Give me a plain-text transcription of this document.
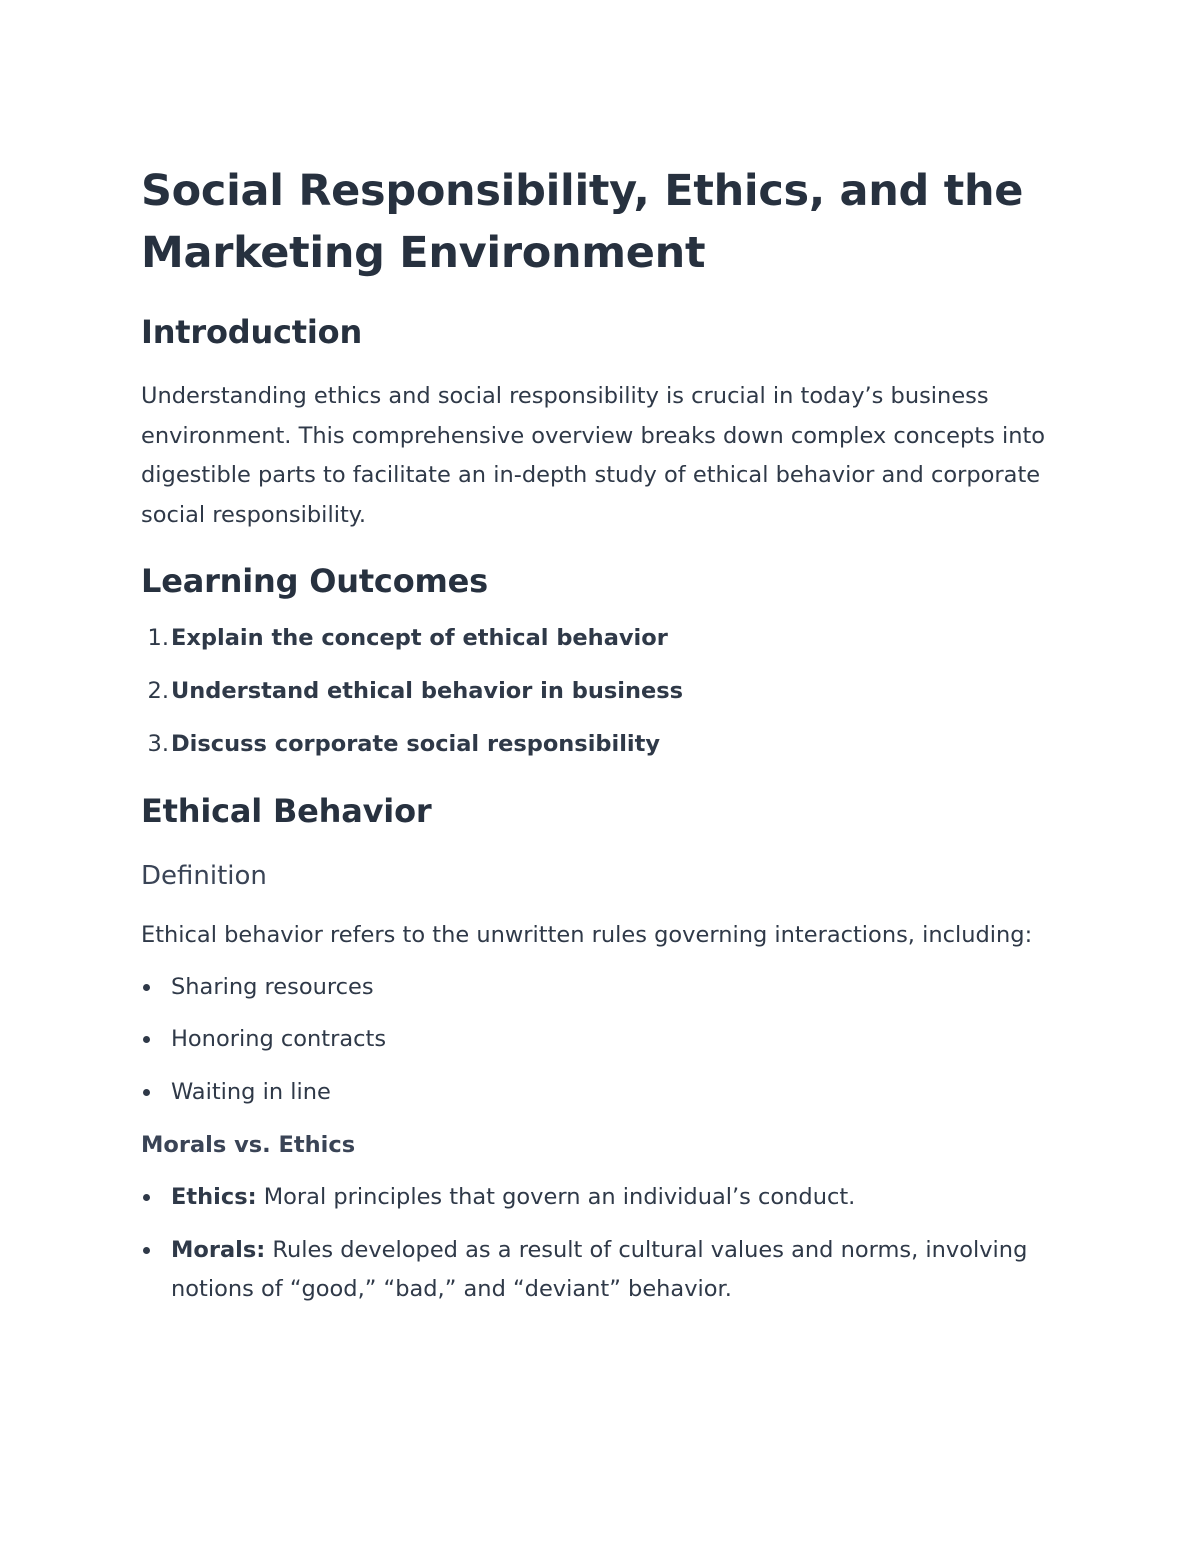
Social Responsibility, Ethics, and the Marketing Environment
Introduction

Understanding ethics and social responsibility is crucial in today’s business environment. This comprehensive overview breaks down complex concepts into digestible parts to facilitate an in-depth study of ethical behavior and corporate social responsibility.

Learning Outcomes
1. Explain the concept of ethical behavior
2. Understand ethical behavior in business
3. Discuss corporate social responsibility
Ethical Behavior
Definition

Ethical behavior refers to the unwritten rules governing interactions, including:

Sharing resources
Honoring contracts
Waiting in line
Morals vs. Ethics
Ethics: Moral principles that govern an individual’s conduct.
Morals: Rules developed as a result of cultural values and norms, involving notions of “good,” “bad,” and “deviant” behavior.
